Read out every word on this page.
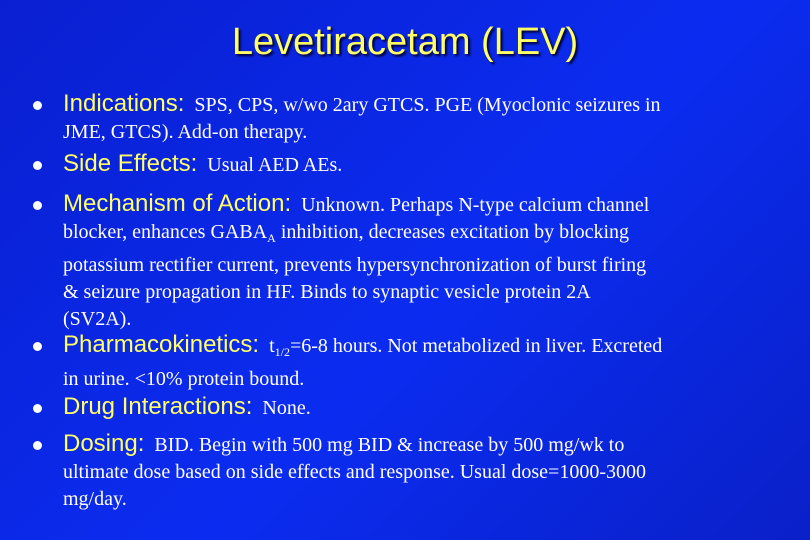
Levetiracetam (LEV)
Indications: SPS, CPS, w/wo 2ary GTCS. PGE (Myoclonic seizures in
JME, GTCS). Add-on therapy.
Side Effects: Usual AED AEs.
Mechanism of Action: Unknown. Perhaps N-type calcium channel
blocker, enhances $GABA_A$ inhibition, decreases excitation by blocking
potassium rectifier current, prevents hypersynchronization of burst firing
& seizure propagation in HF. Binds to synaptic vesicle protein 2A
(SV2A).
Pharmacokinetics: $t_{1/2}=6-8$ hours. Not metabolized in liver. Excreted
in urine. <10% protein bound.
Drug Interactions: None.
Dosing: BID. Begin with 500 mg BID & increase by 500 mg/wk to
ultimate dose based on side effects and response. Usual dose=1000-3000
mg/day.
